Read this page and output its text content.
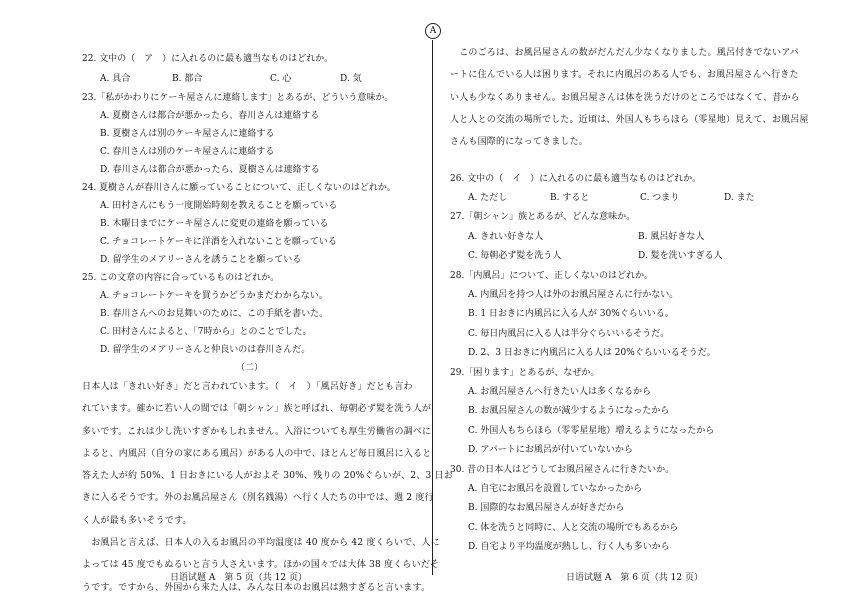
A
22. 文中の（　ア　）に入れるのに最も適当なものはどれか。
A. 具合	B. 都合	C. 心	D. 気
23.「私がかわりにケーキ屋さんに連絡します」とあるが、どういう意味か。
A. 夏樹さんは都合が悪かったら、春川さんは連絡する
B. 夏樹さんは別のケーキ屋さんに連絡する
C. 春川さんは別のケーキ屋さんに連絡する
D. 春川さんは都合が悪かったら、夏樹さんは連絡する
24. 夏樹さんが春川さんに願っていることについて、正しくないのはどれか。
A. 田村さんにもう一度開始時刻を教えることを願っている
B. 木曜日までにケーキ屋さんに変更の連絡を願っている
C. チョコレートケーキに洋酒を入れないことを願っている
D. 留学生のメアリーさんを誘うことを願っている
25. この文章の内容に合っているものはどれか。
A. チョコレートケーキを買うかどうかまだわからない。
B. 春川さんへのお見舞いのために、この手紙を書いた。
C. 田村さんによると、「7時から」とのことでした。
D. 留学生のメアリーさんと仲良いのは春川さんだ。
（二）
日本人は「きれい好き」だと言われています。（　イ　）「風呂好き」だとも言わ
れています。確かに若い人の間では「朝シャン」族と呼ばれ、毎朝必ず髪を洗う人が
多いです。これは少し洗いすぎかもしれません。入浴についても厚生労働省の調べに
よると、内風呂（自分の家にある風呂）がある人の中で、ほとんど毎日風呂に入ると
答えた人が約 50%、1 日おきにいる人がおよそ 30%、残りの 20%ぐらいが、2、3 日お
きに入るそうです。外のお風呂屋さん（別名銭湯）へ行く人たちの中では、週 2 度行
く人が最も多いそうです。
　お風呂と言えば、日本人の入るお風呂の平均温度は 40 度から 42 度くらいで、人に
よっては 45 度でもぬるいと言う人さえいます。ほかの国々では大体 38 度くらいだそ
うです。ですから、外国から来た人は、みんな日本のお風呂は熱すぎると言います。
　このごろは、お風呂屋さんの数がだんだん少なくなりました。風呂付きでないアパ
ートに住んでいる人は困ります。それに内風呂のある人でも、お風呂屋さんへ行きた
い人も少なくありません。お風呂屋さんは体を洗うだけのところではなくて、昔から
人と人との交流の場所でした。近頃は、外国人もちらほら（零星地）見えて、お風呂屋
さんも国際的になってきました。
26. 文中の（　イ　）に入れるのに最も適当なものはどれか。
A. ただし	B. すると	C. つまり	D. また
27.「朝シャン」族とあるが、どんな意味か。
A. きれい好きな人	B. 風呂好きな人
C. 毎朝必ず髪を洗う人	D. 髪を洗いすぎる人
28.「内風呂」について、正しくないのはどれか。
A. 内風呂を持つ人は外のお風呂屋さんに行かない。
B. 1 日おきに内風呂に入る人が 30%ぐらいいる。
C. 毎日内風呂に入る人は半分ぐらいいるそうだ。
D. 2、3 日おきに内風呂に入る人は 20%ぐらいいるそうだ。
29.「困ります」とあるが、なぜか。
A. お風呂屋さんへ行きたい人は多くなるから
B. お風呂屋さんの数が減少するようになったから
C. 外国人もちらほら（零零星星地）増えるようになったから
D. アパートにお風呂が付いていないから
30. 昔の日本人はどうしてお風呂屋さんに行きたいか。
A. 自宅にお風呂を設置していなかったから
B. 国際的なお風呂屋さんが好きだから
C. 体を洗うと同時に、人と交流の場所でもあるから
D. 自宅より平均温度が熱しし、行く人も多いから
日语试题 A　第 5 页（共 12 页）	日语试题 A　第 6 页（共 12 页）
